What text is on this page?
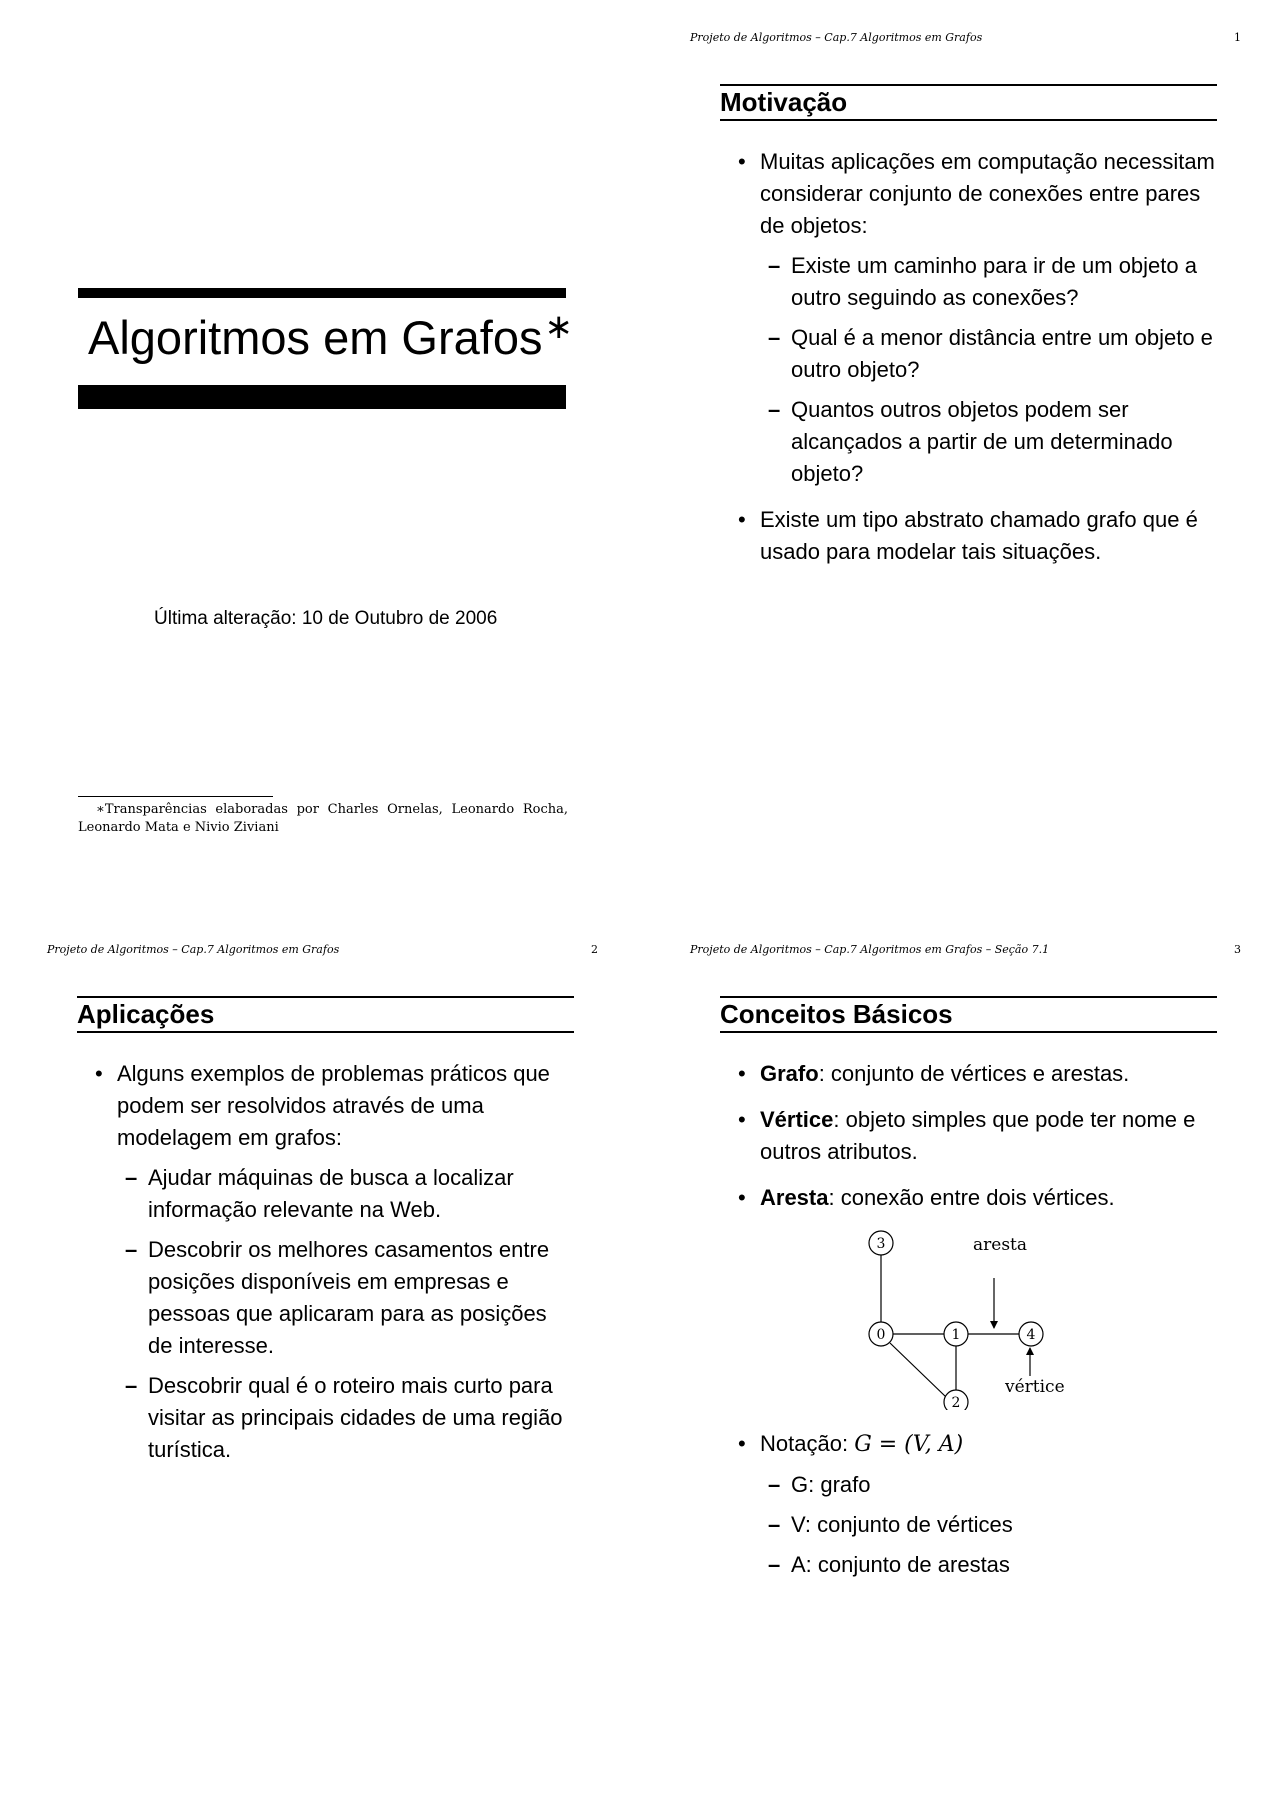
Algoritmos em Grafos∗
Última alteração: 10 de Outubro de 2006
∗Transparências elaboradas por Charles Ornelas, Leonardo Rocha, Leonardo Mata e Nivio Ziviani
Projeto de Algoritmos – Cap.7 Algoritmos em Grafos	1
Motivação
• Muitas aplicações em computação necessitam considerar conjunto de conexões entre pares de objetos:
– Existe um caminho para ir de um objeto a outro seguindo as conexões?
– Qual é a menor distância entre um objeto e outro objeto?
– Quantos outros objetos podem ser alcançados a partir de um determinado objeto?
• Existe um tipo abstrato chamado grafo que é usado para modelar tais situações.
Projeto de Algoritmos – Cap.7 Algoritmos em Grafos	2
Aplicações
• Alguns exemplos de problemas práticos que podem ser resolvidos através de uma modelagem em grafos:
– Ajudar máquinas de busca a localizar informação relevante na Web.
– Descobrir os melhores casamentos entre posições disponíveis em empresas e pessoas que aplicaram para as posições de interesse.
– Descobrir qual é o roteiro mais curto para visitar as principais cidades de uma região turística.
Projeto de Algoritmos – Cap.7 Algoritmos em Grafos – Seção 7.1	3
Conceitos Básicos
• Grafo: conjunto de vértices e arestas.
• Vértice: objeto simples que pode ter nome e outros atributos.
• Aresta: conexão entre dois vértices.
3
0	1	4
2
aresta
vértice
• Notação: G = (V, A)
– G: grafo
– V: conjunto de vértices
– A: conjunto de arestas
